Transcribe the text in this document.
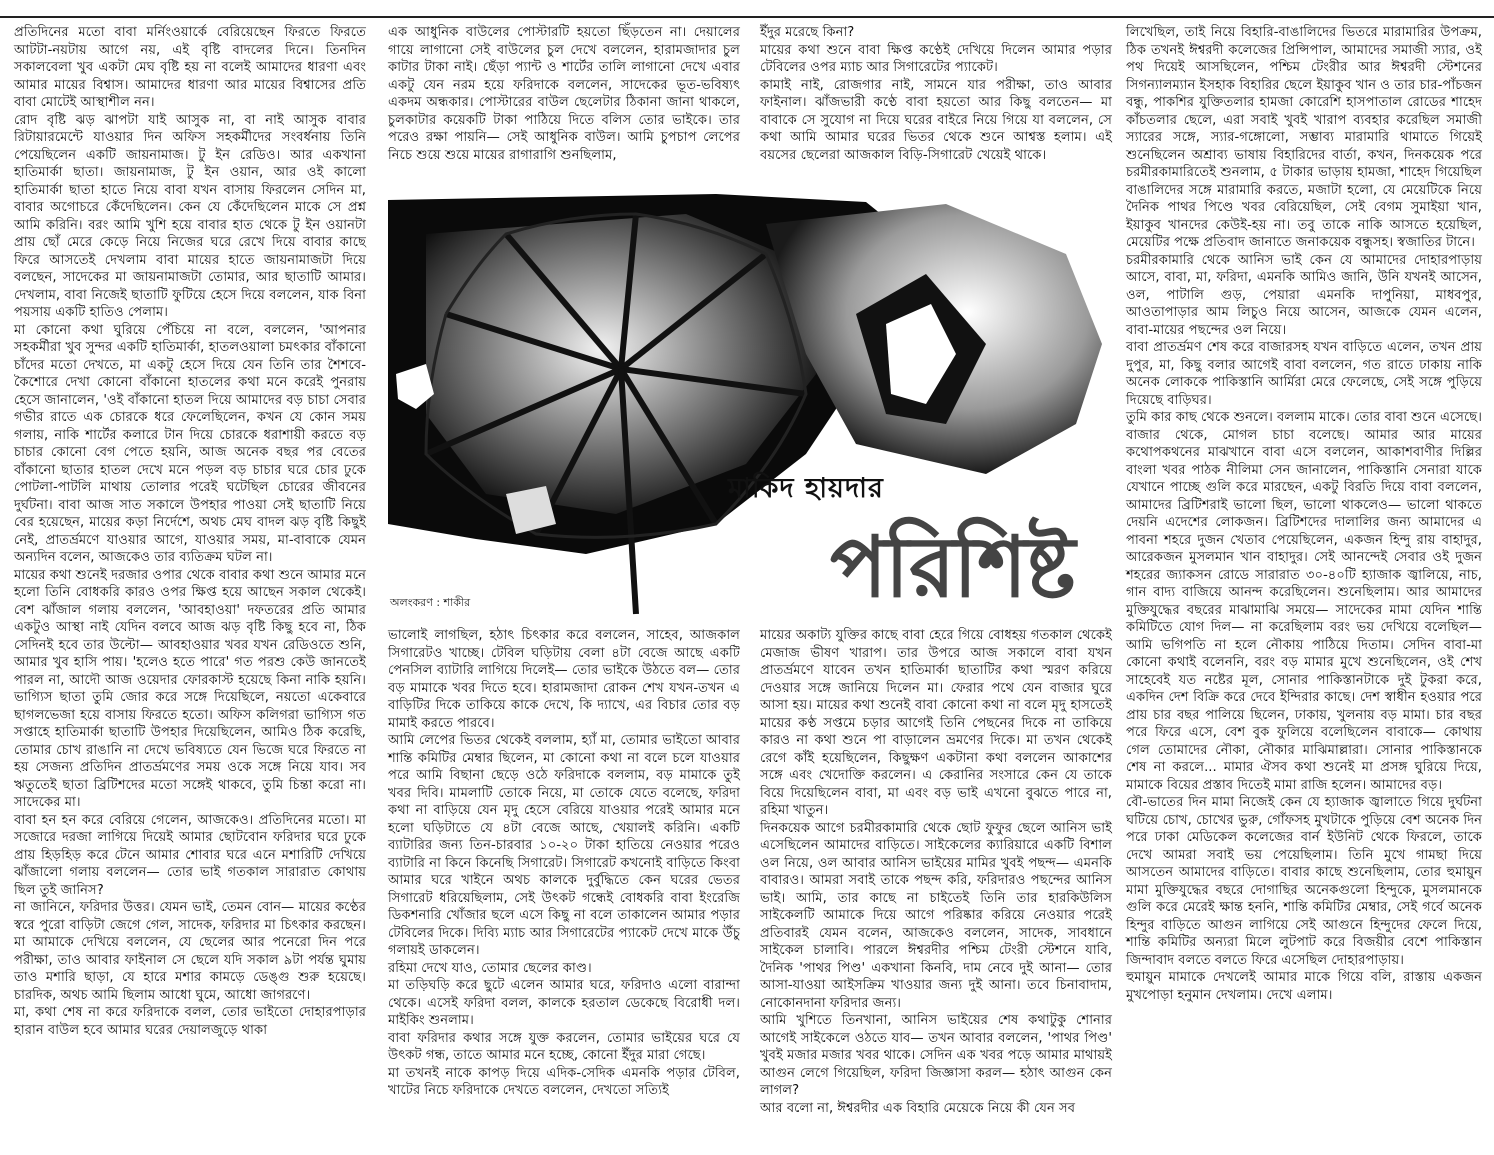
প্রতিদিনের মতো বাবা মর্নিংওয়ার্কে বেরিয়েছেন ফিরতে ফিরতে আটটা-নয়টায় আগে নয়, এই বৃষ্টি বাদলের দিনে। তিনদিন সকালবেলা খুব একটা মেঘ বৃষ্টি হয় না বলেই আমাদের ধারণা এবং আমার মায়ের বিশ্বাস। আমাদের ধারণা আর মায়ের বিশ্বাসের প্রতি বাবা মোটেই আস্থাশীল নন।

রোদ বৃষ্টি ঝড় ঝাপটা যাই আসুক না, বা নাই আসুক বাবার রিটায়ারমেন্টে যাওয়ার দিন অফিস সহকর্মীদের সংবর্ধনায় তিনি পেয়েছিলেন একটি জায়নামাজ। টু ইন রেডিও। আর একখানা হাতিমার্কা ছাতা। জায়নামাজ, টু ইন ওয়ান, আর ওই কালো হাতিমার্কা ছাতা হাতে নিয়ে বাবা যখন বাসায় ফিরলেন সেদিন মা, বাবার অগোচরে কেঁদেছিলেন। কেন যে কেঁদেছিলেন মাকে সে প্রশ্ন আমি করিনি। বরং আমি খুশি হয়ে বাবার হাত থেকে টু ইন ওয়ানটা প্রায় ছোঁ মেরে কেড়ে নিয়ে নিজের ঘরে রেখে দিয়ে বাবার কাছে ফিরে আসতেই দেখলাম বাবা মায়ের হাতে জায়নামাজটা দিয়ে বলছেন, সাদেকের মা জায়নামাজটা তোমার, আর ছাতাটি আমার। দেখলাম, বাবা নিজেই ছাতাটি ফুটিয়ে হেসে দিয়ে বললেন, যাক বিনা পয়সায় একটি হাতিও পেলাম।

মা কোনো কথা ঘুরিয়ে পেঁচিয়ে না বলে, বললেন, 'আপনার সহকর্মীরা খুব সুন্দর একটি হাতিমার্কা, হাতলওয়ালা চমৎকার বাঁকানো চাঁদের মতো দেখতে, মা একটু হেসে দিয়ে যেন তিনি তার শৈশবে-কৈশোরে দেখা কোনো বাঁকানো হাতলের কথা মনে করেই পুনরায় হেসে জানালেন, 'ওই বাঁকানো হাতল দিয়ে আমাদের বড় চাচা সেবার গভীর রাতে এক চোরকে ধরে ফেলেছিলেন, কখন যে কোন সময় গলায়, নাকি শার্টের কলারে টান দিয়ে চোরকে ধরাশায়ী করতে বড় চাচার কোনো বেগ পেতে হয়নি, আজ অনেক বছর পর বেতের বাঁকানো ছাতার হাতল দেখে মনে পড়ল বড় চাচার ঘরে চোর ঢুকে পোটলা-পাটলি মাথায় তোলার পরেই ঘটেছিল চোরের জীবনের দুর্ঘটনা। বাবা আজ সাত সকালে উপহার পাওয়া সেই ছাতাটি নিয়ে বের হয়েছেন, মায়ের কড়া নির্দেশে, অথচ মেঘ বাদল ঝড় বৃষ্টি কিছুই নেই, প্রাতর্ভ্রমণে যাওয়ার আগে, যাওয়ার সময়, মা-বাবাকে যেমন অন্যদিন বলেন, আজকেও তার ব্যতিক্রম ঘটল না।

মায়ের কথা শুনেই দরজার ওপার থেকে বাবার কথা শুনে আমার মনে হলো তিনি বোধকরি কারও ওপর ক্ষিপ্ত হয়ে আছেন সকাল থেকেই। বেশ ঝাঁজাল গলায় বললেন, 'আবহাওয়া' দফতরের প্রতি আমার একটুও আস্থা নাই যেদিন বলবে আজ ঝড় বৃষ্টি কিছু হবে না, ঠিক সেদিনই হবে তার উল্টো— আবহাওয়ার খবর যখন রেডিওতে শুনি, আমার খুব হাসি পায়। 'হলেও হতে পারে' গত পরশু কেউ জানতেই পারল না, আদৌ আজ ওয়েদার ফোরকাস্ট হয়েছে কিনা নাকি হয়নি। ভাগ্যিস ছাতা তুমি জোর করে সঙ্গে দিয়েছিলে, নয়তো একেবারে ছাগলভেজা হয়ে বাসায় ফিরতে হতো। অফিস কলিগরা ভাগ্যিস গত সপ্তাহে হাতিমার্কা ছাতাটি উপহার দিয়েছিলেন, আমিও ঠিক করেছি, তোমার চোখ রাঙানি না দেখে ভবিষ্যতে যেন ভিজে ঘরে ফিরতে না হয় সেজন্য প্রতিদিন প্রাতর্ভ্রমণের সময় ওকে সঙ্গে নিয়ে যাব। সব ঋতুতেই ছাতা ব্রিটিশদের মতো সঙ্গেই থাকবে, তুমি চিন্তা করো না। সাদেকের মা।

বাবা হন হন করে বেরিয়ে গেলেন, আজকেও। প্রতিদিনের মতো। মা সজোরে দরজা লাগিয়ে দিয়েই আমার ছোটবোন ফরিদার ঘরে ঢুকে প্রায় হিড়হিড় করে টেনে আমার শোবার ঘরে এনে মশারিটি দেখিয়ে ঝাঁজালো গলায় বললেন— তোর ভাই গতকাল সারারাত কোথায় ছিল তুই জানিস?

না জানিনে, ফরিদার উত্তর। যেমন ভাই, তেমন বোন— মায়ের কণ্ঠের স্বরে পুরো বাড়িটা জেগে গেল, সাদেক, ফরিদার মা চিৎকার করছেন। মা আমাকে দেখিয়ে বললেন, যে ছেলের আর পনেরো দিন পরে পরীক্ষা, তাও আবার ফাইনাল সে ছেলে যদি সকাল ৯টা পর্যন্ত ঘুমায় তাও মশারি ছাড়া, যে হারে মশার কামড়ে ডেঙ্গু শুরু হয়েছে। চারদিক, অথচ আমি ছিলাম আধো ঘুমে, আধো জাগরণে।

মা, কথা শেষ না করে ফরিদাকে বলল, তোর ভাইতো দোহারপাড়ার হারান বাউল হবে আমার ঘরের দেয়ালজুড়ে থাকা

এক আধুনিক বাউলের পোস্টারটি হয়তো ছিঁড়তেন না। দেয়ালের গায়ে লাগানো সেই বাউলের চুল দেখে বললেন, হারামজাদার চুল কাটার টাকা নাই। ছেঁড়া প্যান্ট ও শার্টের তালি লাগানো দেখে এবার একটু যেন নরম হয়ে ফরিদাকে বললেন, সাদেকের ভূত-ভবিষ্যৎ একদম অন্ধকার। পোস্টারের বাউল ছেলেটার ঠিকানা জানা থাকলে, চুলকাটার কয়েকটি টাকা পাঠিয়ে দিতে বলিস তোর ভাইকে। তার পরেও রক্ষা পায়নি— সেই আধুনিক বাউল। আমি চুপচাপ লেপের নিচে শুয়ে শুয়ে মায়ের রাগারাগি শুনছিলাম,

ইঁদুর মরেছে কিনা?

মায়ের কথা শুনে বাবা ক্ষিপ্ত কণ্ঠেই দেখিয়ে দিলেন আমার পড়ার টেবিলের ওপর ম্যাচ আর সিগারেটের প্যাকেট।

কামাই নাই, রোজগার নাই, সামনে যার পরীক্ষা, তাও আবার ফাইনাল। ঝাঁজভারী কণ্ঠে বাবা হয়তো আর কিছু বলতেন— মা বাবাকে সে সুযোগ না দিয়ে ঘরের বাইরে নিয়ে গিয়ে যা বললেন, সে কথা আমি আমার ঘরের ভিতর থেকে শুনে আশ্বস্ত হলাম। এই বয়সের ছেলেরা আজকাল বিড়ি-সিগারেট খেয়েই থাকে।

মাকিদ হায়দার
পরিশিষ্ট
অলংকরণ : শাকীর

ভালোই লাগছিল, হঠাৎ চিৎকার করে বললেন, সাহেব, আজকাল সিগারেটও খাচ্ছে। টেবিল ঘড়িটায় বেলা ৪টা বেজে আছে একটি পেনসিল ব্যাটারি লাগিয়ে দিলেই— তোর ভাইকে উঠতে বল— তোর বড় মামাকে খবর দিতে হবে। হারামজাদা রোকন শেখ যখন-তখন এ বাড়িটির দিকে তাকিয়ে কাকে দেখে, কি দ্যাখে, এর বিচার তোর বড় মামাই করতে পারবে।

আমি লেপের ভিতর থেকেই বললাম, হ্যাঁ মা, তোমার ভাইতো আবার শান্তি কমিটির মেম্বার ছিলেন, মা কোনো কথা না বলে চলে যাওয়ার পরে আমি বিছানা ছেড়ে ওঠে ফরিদাকে বললাম, বড় মামাকে তুই খবর দিবি। মামলাটি তোকে নিয়ে, মা তোকে যেতে বলেছে, ফরিদা কথা না বাড়িয়ে যেন মৃদু হেসে বেরিয়ে যাওয়ার পরেই আমার মনে হলো ঘড়িটাতে যে ৪টা বেজে আছে, খেয়ালই করিনি। একটি ব্যাটারির জন্য তিন-চারবার ১০-২০ টাকা হাতিয়ে নেওয়ার পরেও ব্যাটারি না কিনে কিনেছি সিগারেট। সিগারেট কখনোই বাড়িতে কিংবা আমার ঘরে খাইনে অথচ কালকে দুর্বুদ্ধিতে কেন ঘরের ভেতর সিগারেট ধরিয়েছিলাম, সেই উৎকট গন্ধেই বোধকরি বাবা ইংরেজি ডিকশনারি খোঁজার ছলে এসে কিছু না বলে তাকালেন আমার পড়ার টেবিলের দিকে। দিব্যি ম্যাচ আর সিগারেটের প্যাকেট দেখে মাকে উঁচু গলায়ই ডাকলেন।

রহিমা দেখে যাও, তোমার ছেলের কাণ্ড।

মা তড়িঘড়ি করে ছুটে এলেন আমার ঘরে, ফরিদাও এলো বারান্দা থেকে। এসেই ফরিদা বলল, কালকে হরতাল ডেকেছে বিরোধী দল। মাইকিং শুনলাম।

বাবা ফরিদার কথার সঙ্গে যুক্ত করলেন, তোমার ভাইয়ের ঘরে যে উৎকট গন্ধ, তাতে আমার মনে হচ্ছে, কোনো ইঁদুর মারা গেছে।

মা তখনই নাকে কাপড় দিয়ে এদিক-সেদিক এমনকি পড়ার টেবিল, খাটের নিচে ফরিদাকে দেখতে বললেন, দেখতো সত্যিই

মায়ের অকাট্য যুক্তির কাছে বাবা হেরে গিয়ে বোধহয় গতকাল থেকেই মেজাজ ভীষণ খারাপ। তার উপরে আজ সকালে বাবা যখন প্রাতর্ভ্রমণে যাবেন তখন হাতিমার্কা ছাতাটির কথা স্মরণ করিয়ে দেওয়ার সঙ্গে জানিয়ে দিলেন মা। ফেরার পথে যেন বাজার ঘুরে আসা হয়। মায়ের কথা শুনেই বাবা কোনো কথা না বলে মৃদু হাসতেই মায়ের কণ্ঠ সপ্তমে চড়ার আগেই তিনি পেছনের দিকে না তাকিয়ে কারও না কথা শুনে পা বাড়ালেন ভ্রমণের দিকে। মা তখন থেকেই রেগে কাঁই হয়েছিলেন, কিছুক্ষণ একটানা কথা বললেন আকাশের সঙ্গে এবং খেদোক্তি করলেন। এ কেরানির সংসারে কেন যে তাকে বিয়ে দিয়েছিলেন বাবা, মা এবং বড় ভাই এখনো বুঝতে পারে না, রহিমা খাতুন।

দিনকয়েক আগে চরমীরকামারি থেকে ছোট ফুফুর ছেলে আনিস ভাই এসেছিলেন আমাদের বাড়িতে। সাইকেলের ক্যারিয়ারে একটি বিশাল ওল নিয়ে, ওল আবার আনিস ভাইয়ের মামির খুবই পছন্দ— এমনকি বাবারও। আমরা সবাই তাকে পছন্দ করি, ফরিদারও পছন্দের আনিস ভাই। আমি, তার কাছে না চাইতেই তিনি তার হারকিউলিস সাইকেলটি আমাকে দিয়ে আগে পরিষ্কার করিয়ে নেওয়ার পরেই প্রতিবারই যেমন বলেন, আজকেও বললেন, সাদেক, সাবধানে সাইকেল চালাবি। পারলে ঈশ্বরদীর পশ্চিম টেংরী স্টেশনে যাবি, দৈনিক 'পাথর পিণ্ড' একখানা কিনবি, দাম নেবে দুই আনা— তোর আসা-যাওয়া আইসক্রিম খাওয়ার জন্য দুই আনা। তবে চিনাবাদাম, নোকোনদানা ফরিদার জন্য।

আমি খুশিতে তিনখানা, আনিস ভাইয়ের শেষ কথাটুকু শোনার আগেই সাইকেলে ওঠতে যাব— তখন আবার বললেন, 'পাথর পিণ্ড' খুবই মজার মজার খবর থাকে। সেদিন এক খবর পড়ে আমার মাথায়ই আগুন লেগে গিয়েছিল, ফরিদা জিজ্ঞাসা করল— হঠাৎ আগুন কেন লাগল?

আর বলো না, ঈশ্বরদীর এক বিহারি মেয়েকে নিয়ে কী যেন সব

লিখেছিল, তাই নিয়ে বিহারি-বাঙালিদের ভিতরে মারামারির উপক্রম, ঠিক তখনই ঈশ্বরদী কলেজের প্রিন্সিপাল, আমাদের সমাজী স্যার, ওই পথ দিয়েই আসছিলেন, পশ্চিম টেংরীর আর ঈশ্বরদী স্টেশনের সিগন্যালম্যান ইসহাক বিহারির ছেলে ইয়াকুব খান ও তার চার-পাঁচজন বন্ধু, পাকশির যুক্তিতলার হামজা কোরেশি হাসপাতাল রোডের শাহেদ কাঁচতলার ছেলে, এরা সবাই খুবই খারাপ ব্যবহার করেছিল সমাজী স্যারের সঙ্গে, স্যার-গঙ্গোলো, সম্ভাব্য মারামারি থামাতে গিয়েই শুনেছিলেন অশ্রাব্য ভাষায় বিহারিদের বার্তা, কখন, দিনকয়েক পরে চরমীরকামারিতেই শুনলাম, ৫ টাকার ভাড়ায় হামজা, শাহেদ গিয়েছিল বাঙালিদের সঙ্গে মারামারি করতে, মজাটা হলো, যে মেয়েটিকে নিয়ে দৈনিক পাথর পিণ্ডে খবর বেরিয়েছিল, সেই বেগম সুমাইয়া খান, ইয়াকুব খানদের কেউই-হয় না। তবু তাকে নাকি আসতে হয়েছিল, মেয়েটির পক্ষে প্রতিবাদ জানাতে জনাকয়েক বন্ধুসহ। স্বজাতির টানে।

চরমীরকামারি থেকে আনিস ভাই কেন যে আমাদের দোহারপাড়ায় আসে, বাবা, মা, ফরিদা, এমনকি আমিও জানি, উনি যখনই আসেন, ওল, পাটালি গুড়, পেয়ারা এমনকি দাপুনিয়া, মাধবপুর, আওতাপাড়ার আম লিচুও নিয়ে আসেন, আজকে যেমন এলেন, বাবা-মায়ের পছন্দের ওল নিয়ে।

বাবা প্রাতর্ভ্রমণ শেষ করে বাজারসহ যখন বাড়িতে এলেন, তখন প্রায় দুপুর, মা, কিছু বলার আগেই বাবা বললেন, গত রাতে ঢাকায় নাকি অনেক লোককে পাকিস্তানি আর্মিরা মেরে ফেলেছে, সেই সঙ্গে পুড়িয়ে দিয়েছে বাড়িঘর।

তুমি কার কাছ থেকে শুনলে। বললাম মাকে। তোর বাবা শুনে এসেছে। বাজার থেকে, মোগল চাচা বলেছে। আমার আর মায়ের কথোপকথনের মাঝখানে বাবা এসে বললেন, আকাশবাণীর দিল্লির বাংলা খবর পাঠক নীলিমা সেন জানালেন, পাকিস্তানি সেনারা যাকে যেখানে পাচ্ছে গুলি করে মারছেন, একটু বিরতি দিয়ে বাবা বললেন, আমাদের ব্রিটিশরাই ভালো ছিল, ভালো থাকলেও— ভালো থাকতে দেয়নি এদেশের লোকজন। ব্রিটিশদের দালালির জন্য আমাদের এ পাবনা শহরে দুজন খেতাব পেয়েছিলেন, একজন হিন্দু রায় বাহাদুর, আরেকজন মুসলমান খান বাহাদুর। সেই আনন্দেই সেবার ওই দুজন শহরের জ্যাকসন রোডে সারারাত ৩০-৪০টি হ্যাজাক জ্বালিয়ে, নাচ, গান বাদ্য বাজিয়ে আনন্দ করেছিলেন। শুনেছিলাম। আর আমাদের মুক্তিযুদ্ধের বছরের মাঝামাঝি সময়ে— সাদেকের মামা যেদিন শান্তি কমিটিতে যোগ দিল— না করেছিলাম বরং ভয় দেখিয়ে বলেছিল— আমি ভগিপতি না হলে নৌকায় পাঠিয়ে দিতাম। সেদিন বাবা-মা কোনো কথাই বলেননি, বরং বড় মামার মুখে শুনেছিলেন, ওই শেখ সাহেবেই যত নষ্টের মূল, সোনার পাকিস্তানটাকে দুই টুকরা করে, একদিন দেশ বিক্রি করে দেবে ইন্দিরার কাছে। দেশ স্বাধীন হওয়ার পরে প্রায় চার বছর পালিয়ে ছিলেন, ঢাকায়, খুলনায় বড় মামা। চার বছর পরে ফিরে এসে, বেশ বুক ফুলিয়ে বলেছিলেন বাবাকে— কোথায় গেল তোমাদের নৌকা, নৌকার মাঝিমাল্লারা। সোনার পাকিস্তানকে শেষ না করলে... মামার ঐসব কথা শুনেই মা প্রসঙ্গ ঘুরিয়ে দিয়ে, মামাকে বিয়ের প্রস্তাব দিতেই মামা রাজি হলেন। আমাদের বড়।

বৌ-ভাতের দিন মামা নিজেই কেন যে হ্যাজাক জ্বালাতে গিয়ে দুর্ঘটনা ঘটিয়ে চোখ, চোখের ভুরু, গোঁফসহ মুখটাকে পুড়িয়ে বেশ অনেক দিন পরে ঢাকা মেডিকেল কলেজের বার্ন ইউনিট থেকে ফিরলে, তাকে দেখে আমরা সবাই ভয় পেয়েছিলাম। তিনি মুখে গামছা দিয়ে আসতেন আমাদের বাড়িতে। বাবার কাছে শুনেছিলাম, তোর হুমায়ুন মামা মুক্তিযুদ্ধের বছরে দোগাছির অনেকগুলো হিন্দুকে, মুসলমানকে গুলি করে মেরেই ক্ষান্ত হননি, শান্তি কমিটির মেম্বার, সেই গর্বে অনেক হিন্দুর বাড়িতে আগুন লাগিয়ে সেই আগুনে হিন্দুদের ফেলে দিয়ে, শান্তি কমিটির অন্যরা মিলে লুটপাট করে বিজয়ীর বেশে পাকিস্তান জিন্দাবাদ বলতে বলতে ফিরে এসেছিল দোহারপাড়ায়।

হুমায়ুন মামাকে দেখলেই আমার মাকে গিয়ে বলি, রাস্তায় একজন মুখপোড়া হনুমান দেখলাম। দেখে এলাম।
